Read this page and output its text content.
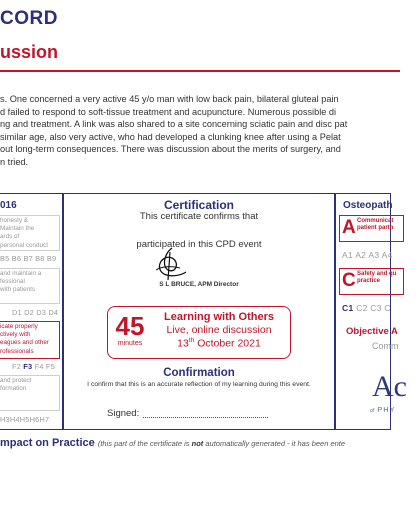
CORD
ussion
s. One concerned a very active 45 y/o man with low back pain, bilateral gluteal pain
d failed to respond to soft-tissue treatment and acupuncture. Numerous possible di
ng and treatment. A link was also shared to a site concerning sciatic pain and disc pat
similar age, also very active, who had developed a clunking knee after using a Pelat
out long-term consequences. There was discussion about the merits of surgery, and
n tried.
016
honesty &
Maintain the
ards of
personal conduct
B5 B6 B7 B8 B9
and maintain a
fessional
with patients
D1 D2 D3 D4
icate properly
ctively with
eagues and other
rofessionals
F2 F3 F4 F5
and protect
formation
H3H4H5H6H7
Certification
This certificate confirms that
participated in this CPD event
S L BRUCE, APM Director
45
minutes
Learning with Others
Live, online discussion
13th October 2021
Confirmation
I confirm that this is an accurate reflection of my learning during this event.
Signed:
Osteopath
A Communicat
patient partn
A1 A2 A3 A4
C Safety and qu
practice
C1 C2 C3 C
Objective A
Comm
Ac
of PHY
mpact on Practice (this part of the certificate is not automatically generated - it has been ente
